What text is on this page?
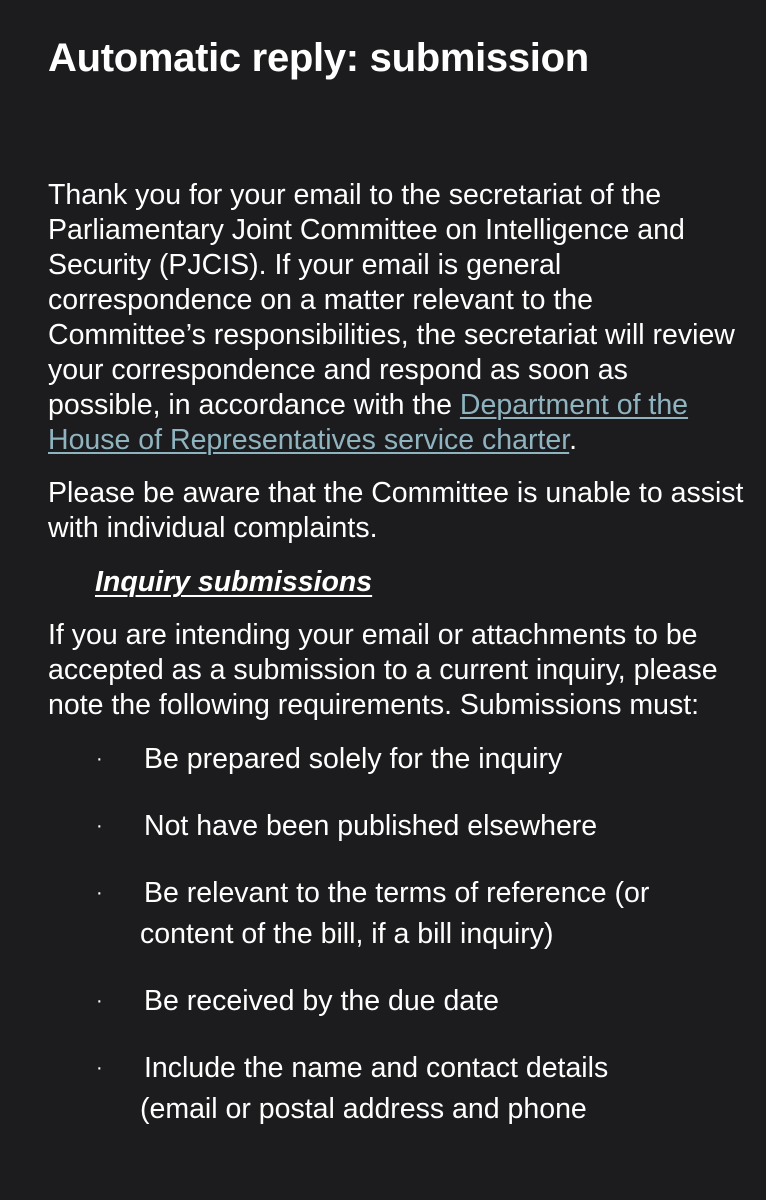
Automatic reply: submission

Thank you for your email to the secretariat of the Parliamentary Joint Committee on Intelligence and Security (PJCIS). If your email is general correspondence on a matter relevant to the Committee’s responsibilities, the secretariat will review your correspondence and respond as soon as possible, in accordance with the Department of the House of Representatives service charter.

Please be aware that the Committee is unable to assist with individual complaints.

Inquiry submissions

If you are intending your email or attachments to be accepted as a submission to a current inquiry, please note the following requirements. Submissions must:

· Be prepared solely for the inquiry
· Not have been published elsewhere
· Be relevant to the terms of reference (or
content of the bill, if a bill inquiry)
· Be received by the due date
· Include the name and contact details
(email or postal address and phone
